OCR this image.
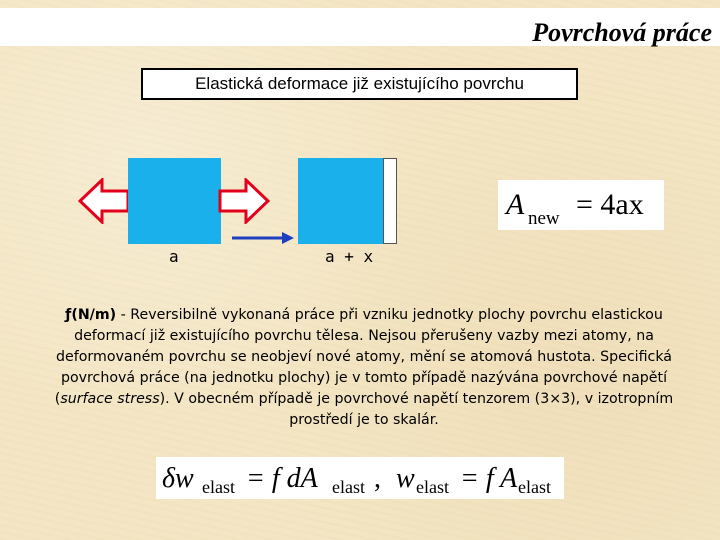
Povrchová práce
Elastická deformace již existujícího povrchu
a	a + x
A new = 4ax
ƒ(N/m) - Reversibilně vykonaná práce při vzniku jednotky plochy povrchu elastickou deformací již existujícího povrchu tělesa. Nejsou přerušeny vazby mezi atomy, na deformovaném povrchu se neobjeví nové atomy, mění se atomová hustota. Specifická povrchová práce (na jednotku plochy) je v tomto případě nazývána povrchové napětí (surface stress). V obecném případě je povrchové napětí tenzorem (3×3), v izotropním prostředí je to skalár.
δw elast = f dA elast , w elast = f A elast
